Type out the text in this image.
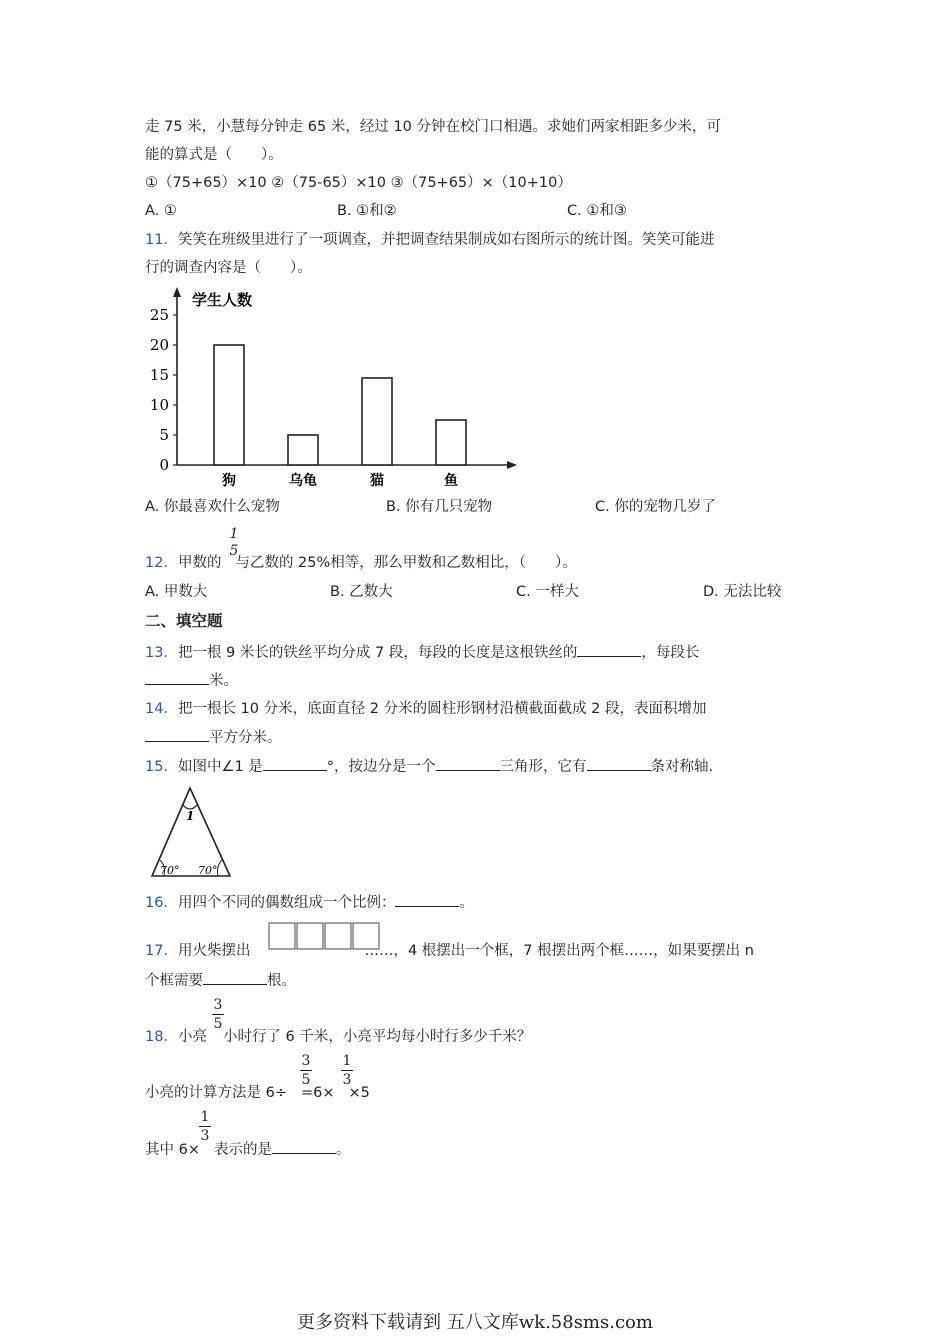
走 75 米，小慧每分钟走 65 米，经过 10 分钟在校门口相遇。求她们两家相距多少米，可
能的算式是（　　）。
①（75+65）×10 ②（75-65）×10 ③（75+65）×（10+10）
A. ①	B. ①和②	C. ①和③
11．笑笑在班级里进行了一项调查，并把调查结果制成如右图所示的统计图。笑笑可能进
行的调查内容是（　　）。
学生人数
0
5
10
15
20
25
狗	乌龟	猫	鱼
A. 你最喜欢什么宠物	B. 你有几只宠物	C. 你的宠物几岁了
12．甲数的 与乙数的 25%相等，那么甲数和乙数相比，（　　）。
1
5
A. 甲数大	B. 乙数大	C. 一样大	D. 无法比较
二、填空题
13．把一根 9 米长的铁丝平均分成 7 段，每段的长度是这根铁丝的	，每段长
米。
14．把一根长 10 分米，底面直径 2 分米的圆柱形钢材沿横截面截成 2 段，表面积增加
平方分米。
15．如图中∠1 是	°，按边分是一个	三角形，它有	条对称轴.
1
70° 70°
16．用四个不同的偶数组成一个比例：	。
17．用火柴摆出	……，4 根摆出一个框，7 根摆出两个框……，如果要摆出 n
个框需要	根。
18．小亮 小时行了 6 千米，小亮平均每小时行多少千米？
3
5
小亮的计算方法是 6÷ =6× ×5
3
5
1
3
其中 6× 表示的是	。
1
3
更多资料下载请到 五八文库wk.58sms.com
